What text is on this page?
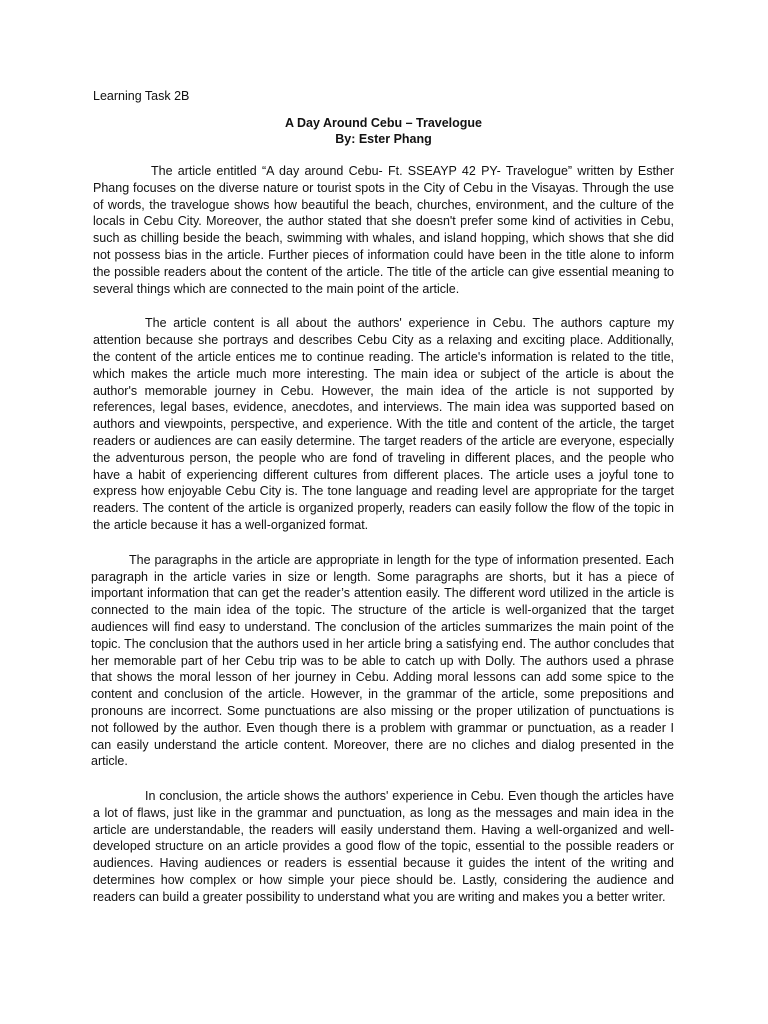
Learning Task 2B

A Day Around Cebu – Travelogue

By: Ester Phang

The article entitled “A day around Cebu- Ft. SSEAYP 42 PY- Travelogue” written by Esther Phang focuses on the diverse nature or tourist spots in the City of Cebu in the Visayas. Through the use of words, the travelogue shows how beautiful the beach, churches, environment, and the culture of the locals in Cebu City. Moreover, the author stated that she doesn't prefer some kind of activities in Cebu, such as chilling beside the beach, swimming with whales, and island hopping, which shows that she did not possess bias in the article. Further pieces of information could have been in the title alone to inform the possible readers about the content of the article. The title of the article can give essential meaning to several things which are connected to the main point of the article.

The article content is all about the authors' experience in Cebu. The authors capture my attention because she portrays and describes Cebu City as a relaxing and exciting place. Additionally, the content of the article entices me to continue reading. The article's information is related to the title, which makes the article much more interesting. The main idea or subject of the article is about the author's memorable journey in Cebu. However, the main idea of the article is not supported by references, legal bases, evidence, anecdotes, and interviews. The main idea was supported based on authors and viewpoints, perspective, and experience. With the title and content of the article, the target readers or audiences are can easily determine. The target readers of the article are everyone, especially the adventurous person, the people who are fond of traveling in different places, and the people who have a habit of experiencing different cultures from different places. The article uses a joyful tone to express how enjoyable Cebu City is. The tone language and reading level are appropriate for the target readers. The content of the article is organized properly, readers can easily follow the flow of the topic in the article because it has a well-organized format.

The paragraphs in the article are appropriate in length for the type of information presented. Each paragraph in the article varies in size or length. Some paragraphs are shorts, but it has a piece of important information that can get the reader’s attention easily. The different word utilized in the article is connected to the main idea of the topic. The structure of the article is well-organized that the target audiences will find easy to understand. The conclusion of the articles summarizes the main point of the topic. The conclusion that the authors used in her article bring a satisfying end. The author concludes that her memorable part of her Cebu trip was to be able to catch up with Dolly. The authors used a phrase that shows the moral lesson of her journey in Cebu. Adding moral lessons can add some spice to the content and conclusion of the article. However, in the grammar of the article, some prepositions and pronouns are incorrect. Some punctuations are also missing or the proper utilization of punctuations is not followed by the author. Even though there is a problem with grammar or punctuation, as a reader I can easily understand the article content. Moreover, there are no cliches and dialog presented in the article.

In conclusion, the article shows the authors' experience in Cebu. Even though the articles have a lot of flaws, just like in the grammar and punctuation, as long as the messages and main idea in the article are understandable, the readers will easily understand them. Having a well-organized and well-developed structure on an article provides a good flow of the topic, essential to the possible readers or audiences. Having audiences or readers is essential because it guides the intent of the writing and determines how complex or how simple your piece should be. Lastly, considering the audience and readers can build a greater possibility to understand what you are writing and makes you a better writer.
